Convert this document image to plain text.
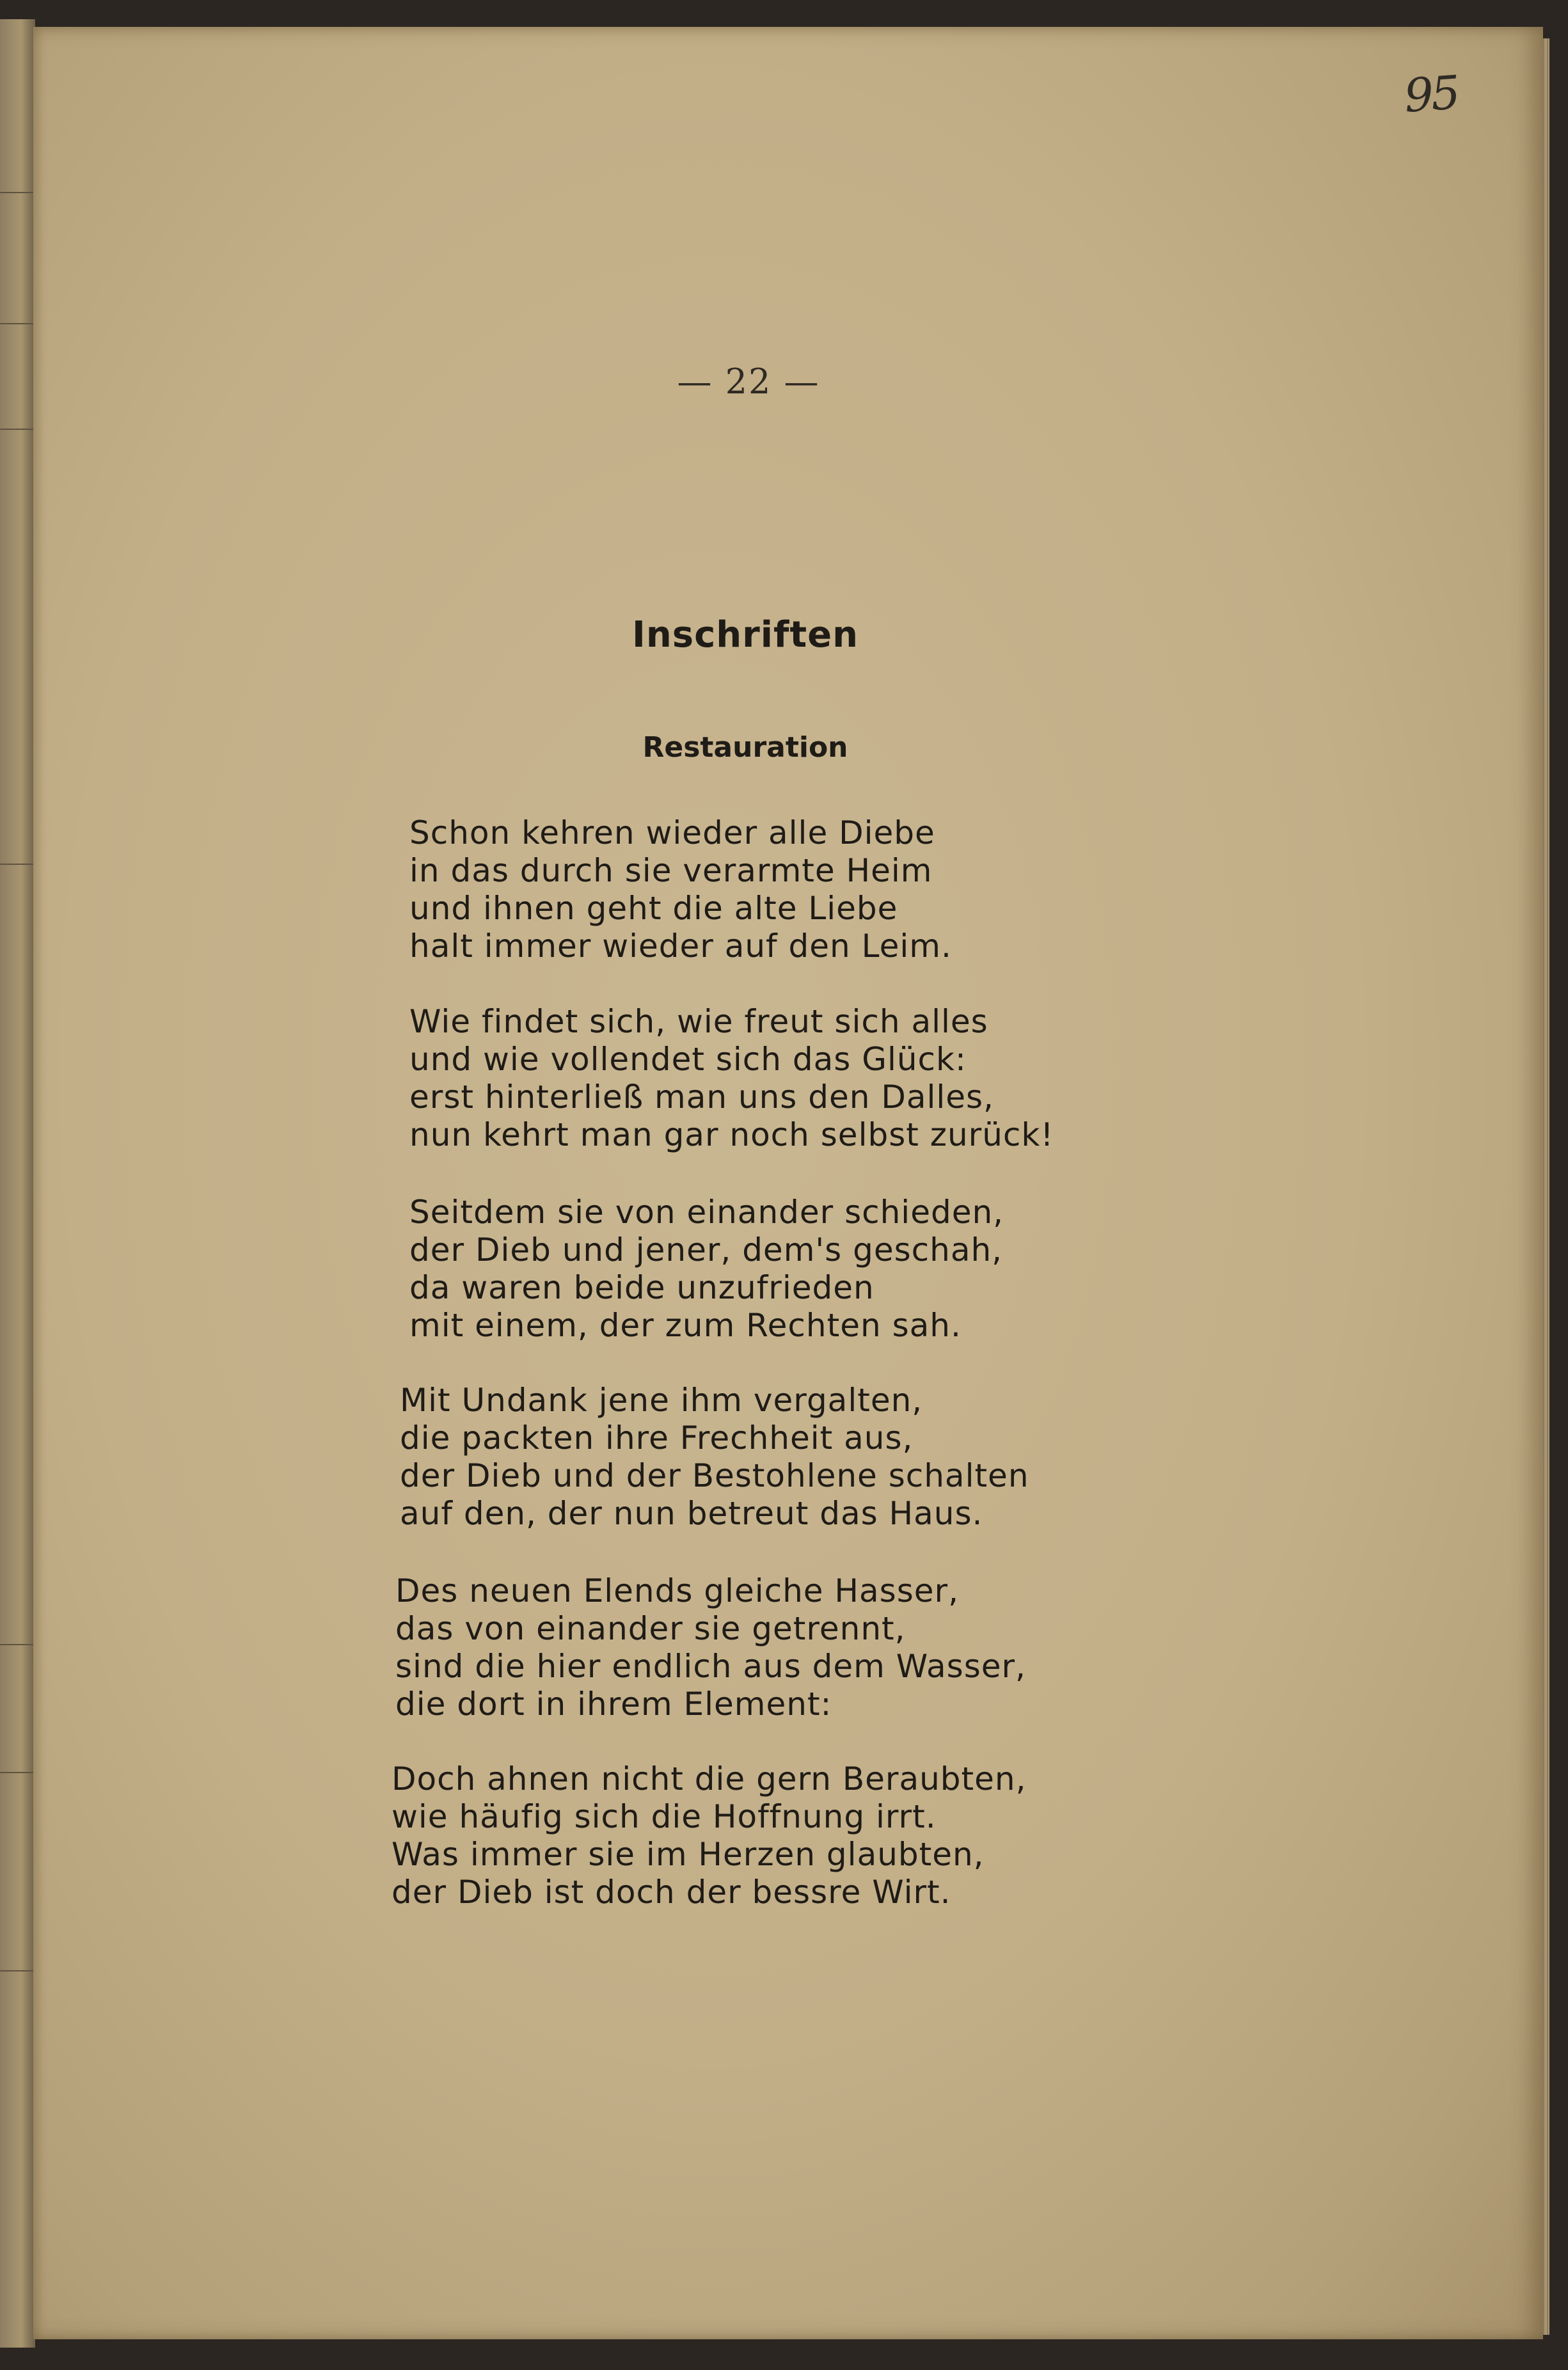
95
— 22 —
Inschriften
Restauration
Schon kehren wieder alle Diebe
in das durch sie verarmte Heim
und ihnen geht die alte Liebe
halt immer wieder auf den Leim.
Wie findet sich, wie freut sich alles
und wie vollendet sich das Glück:
erst hinterließ man uns den Dalles,
nun kehrt man gar noch selbst zurück!
Seitdem sie von einander schieden,
der Dieb und jener, dem's geschah,
da waren beide unzufrieden
mit einem, der zum Rechten sah.
Mit Undank jene ihm vergalten,
die packten ihre Frechheit aus,
der Dieb und der Bestohlene schalten
auf den, der nun betreut das Haus.
Des neuen Elends gleiche Hasser,
das von einander sie getrennt,
sind die hier endlich aus dem Wasser,
die dort in ihrem Element:
Doch ahnen nicht die gern Beraubten,
wie häufig sich die Hoffnung irrt.
Was immer sie im Herzen glaubten,
der Dieb ist doch der bessre Wirt.
